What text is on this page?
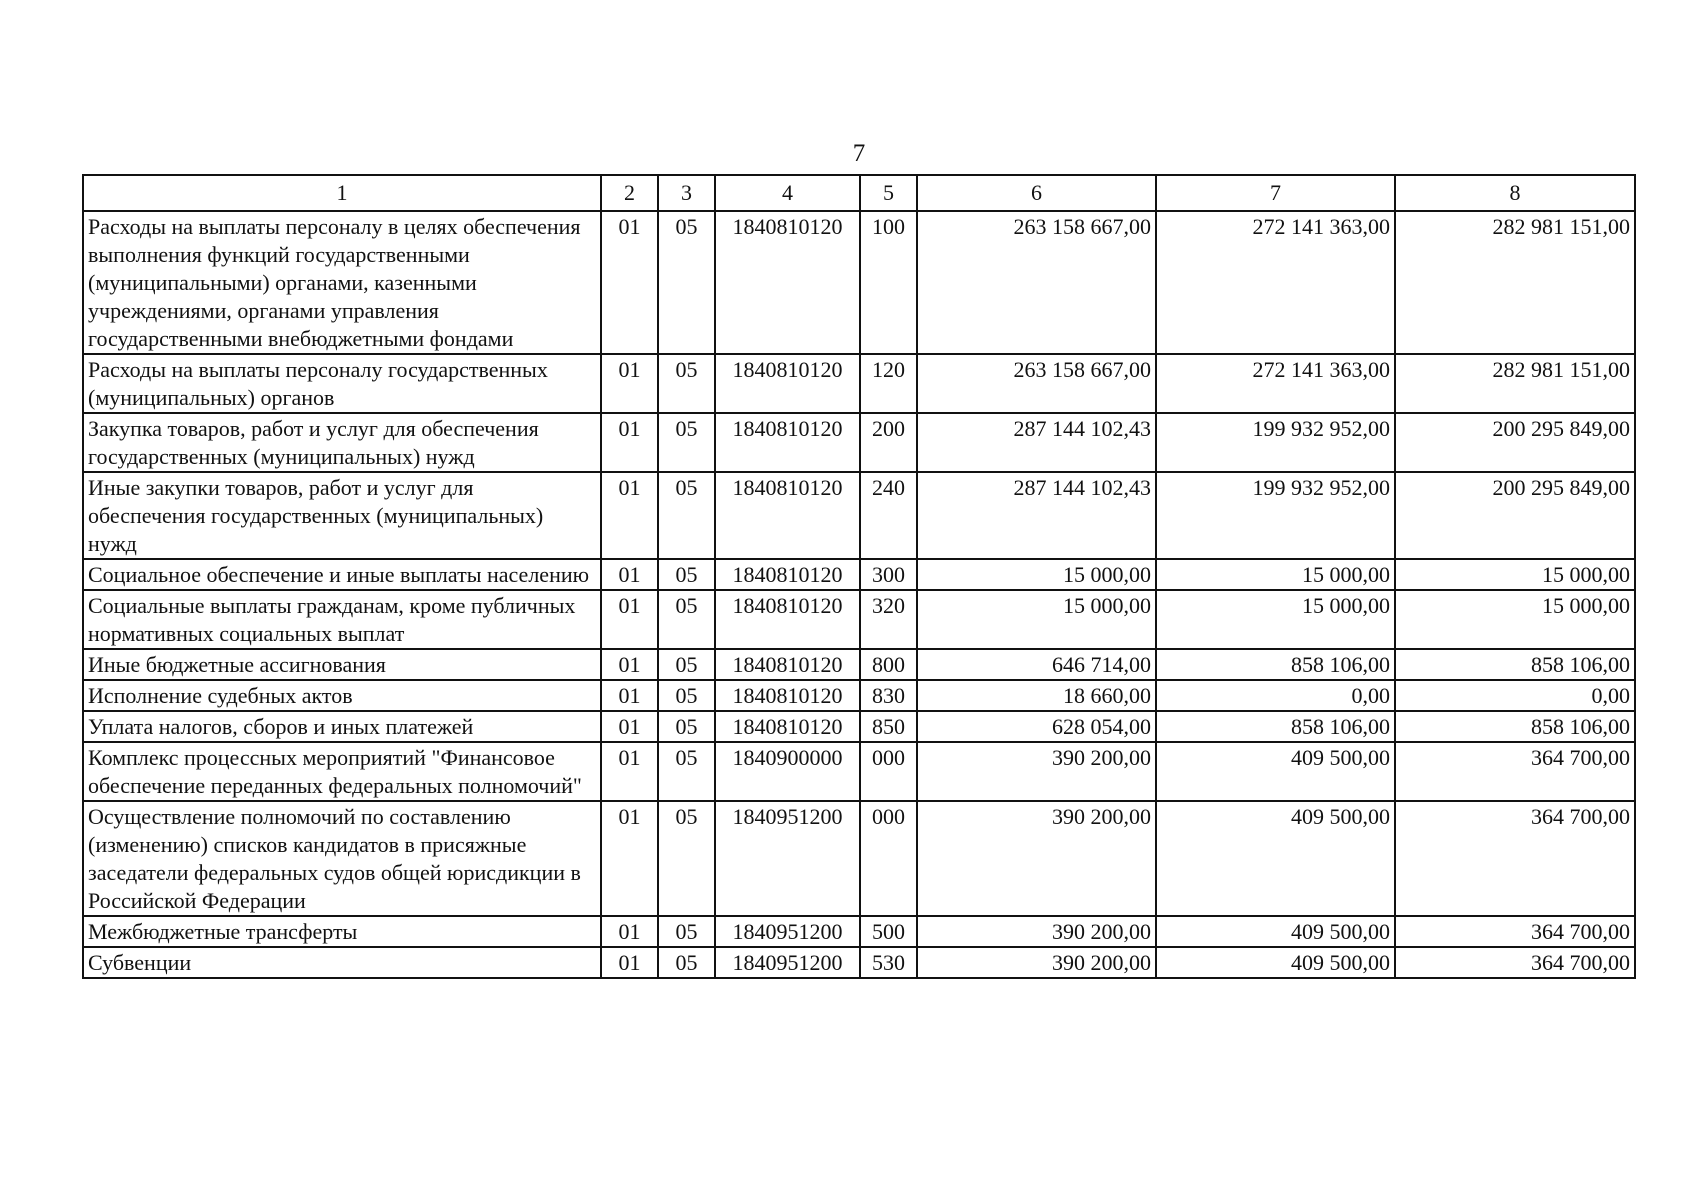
7
1	2	3	4	5	6	7	8
Расходы на выплаты персоналу в целях обеспечения выполнения функций государственными (муниципальными) органами, казенными учреждениями, органами управления государственными внебюджетными фондами	01	05	1840810120	100	263 158 667,00	272 141 363,00	282 981 151,00
Расходы на выплаты персоналу государственных (муниципальных) органов	01	05	1840810120	120	263 158 667,00	272 141 363,00	282 981 151,00
Закупка товаров, работ и услуг для обеспечения государственных (муниципальных) нужд	01	05	1840810120	200	287 144 102,43	199 932 952,00	200 295 849,00
Иные закупки товаров, работ и услуг для обеспечения государственных (муниципальных) нужд	01	05	1840810120	240	287 144 102,43	199 932 952,00	200 295 849,00
Социальное обеспечение и иные выплаты населению	01	05	1840810120	300	15 000,00	15 000,00	15 000,00
Социальные выплаты гражданам, кроме публичных нормативных социальных выплат	01	05	1840810120	320	15 000,00	15 000,00	15 000,00
Иные бюджетные ассигнования	01	05	1840810120	800	646 714,00	858 106,00	858 106,00
Исполнение судебных актов	01	05	1840810120	830	18 660,00	0,00	0,00
Уплата налогов, сборов и иных платежей	01	05	1840810120	850	628 054,00	858 106,00	858 106,00
Комплекс процессных мероприятий "Финансовое обеспечение переданных федеральных полномочий"	01	05	1840900000	000	390 200,00	409 500,00	364 700,00
Осуществление полномочий по составлению (изменению) списков кандидатов в присяжные заседатели федеральных судов общей юрисдикции в Российской Федерации	01	05	1840951200	000	390 200,00	409 500,00	364 700,00
Межбюджетные трансферты	01	05	1840951200	500	390 200,00	409 500,00	364 700,00
Субвенции	01	05	1840951200	530	390 200,00	409 500,00	364 700,00
